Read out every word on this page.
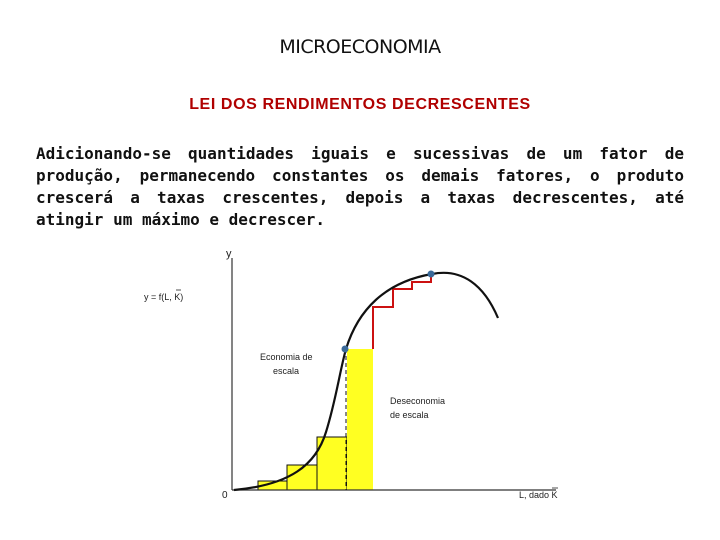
MICROECONOMIA
LEI DOS RENDIMENTOS DECRESCENTES
Adicionando-se quantidades iguais e sucessivas de um fator de produção, permanecendo constantes os demais fatores, o produto crescerá a taxas crescentes, depois a taxas decrescentes, até atingir um máximo e decrescer.
y
y = f(L, K)
0	L, dado K
Economia de
escala
Deseconomia
de escala
